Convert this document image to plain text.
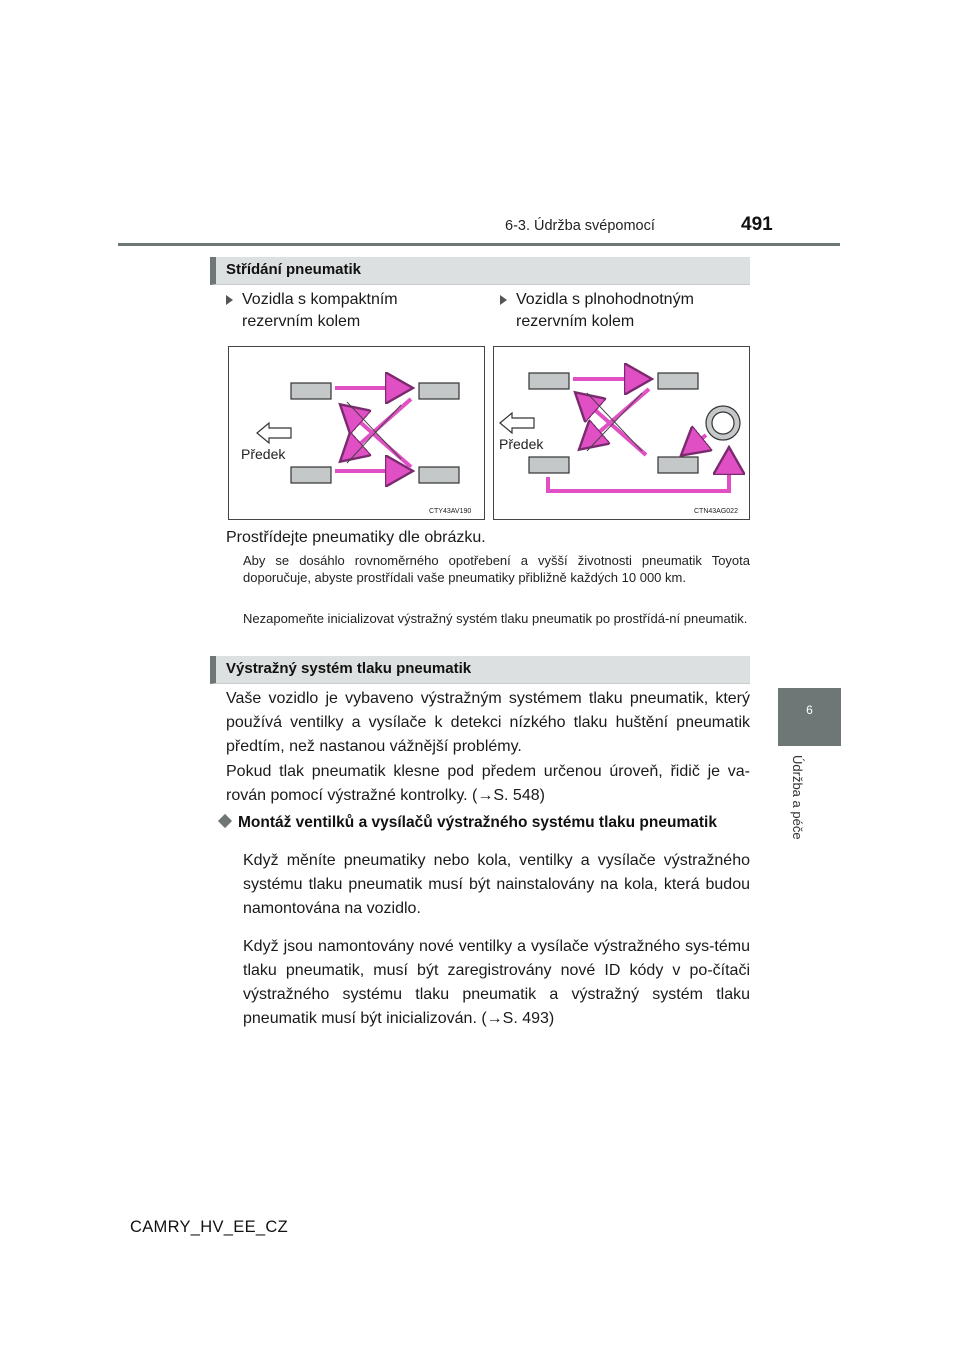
6-3. Údržba svépomocí	491
6
Údržba a péče
Střídání pneumatik
Vozidla s kompaktním rezervním kolem
Vozidla s plnohodnotným rezervním kolem
Předek
CTY43AV190
Předek
CTN43AG022
Prostřídejte pneumatiky dle obrázku.
Aby se dosáhlo rovnoměrného opotřebení a vyšší životnosti pneumatik Toyota doporučuje, abyste prostřídali vaše pneumatiky přibližně každých 10 000 km.
Nezapomeňte inicializovat výstražný systém tlaku pneumatik po prostřídá-ní pneumatik.
Výstražný systém tlaku pneumatik
Vaše vozidlo je vybaveno výstražným systémem tlaku pneumatik, který používá ventilky a vysílače k detekci nízkého tlaku huštění pneumatik předtím, než nastanou vážnější problémy.
Pokud tlak pneumatik klesne pod předem určenou úroveň, řidič je va-rován pomocí výstražné kontrolky. (→S. 548)
Montáž ventilků a vysílačů výstražného systému tlaku pneumatik
Když měníte pneumatiky nebo kola, ventilky a vysílače výstražného systému tlaku pneumatik musí být nainstalovány na kola, která budou namontována na vozidlo.
Když jsou namontovány nové ventilky a vysílače výstražného sys-tému tlaku pneumatik, musí být zaregistrovány nové ID kódy v po-čítači výstražného systému tlaku pneumatik a výstražný systém tlaku pneumatik musí být inicializován. (→S. 493)
CAMRY_HV_EE_CZ
